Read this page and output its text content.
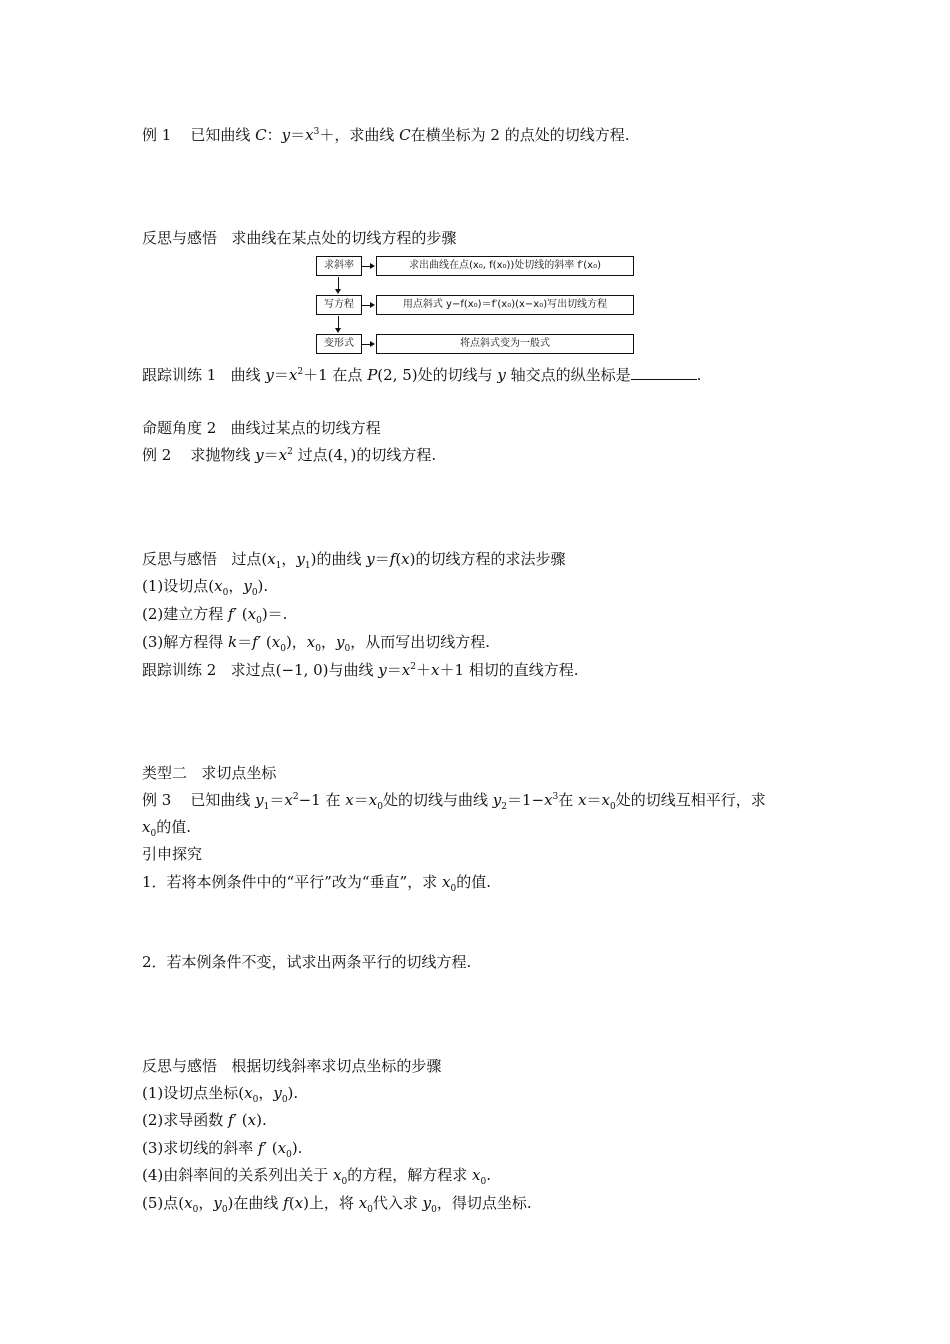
例 1 已知曲线 C：$y=x^3+$，求曲线 C在横坐标为 2 的点处的切线方程.
反思与感悟 求曲线在某点处的切线方程的步骤
求斜率	求出曲线在点(x₀, f(x₀))处切线的斜率 f′(x₀)
写方程	用点斜式 y−f(x₀)＝f′(x₀)(x−x₀)写出切线方程
变形式	将点斜式变为一般式
跟踪训练 1 曲线 $y=x^2+1$ 在点 P(2, 5)处的切线与 y 轴交点的纵坐标是	.
命题角度 2 曲线过某点的切线方程
例 2 求抛物线 $y=x^2$ 过点(4，)的切线方程.
反思与感悟 过点($x_1$，$y_1$)的曲线 y＝f(x)的切线方程的求法步骤
(1)设切点($x_0$，$y_0$).
(2)建立方程 f′ $(x_0)=$.
(3)解方程得 k＝f′ $(x_0)$，$x_0$，$y_0$，从而写出切线方程.
跟踪训练 2 求过点(−1, 0)与曲线 $y=x^2+x+1$ 相切的直线方程.
类型二 求切点坐标
例 3 已知曲线 $y_1=x^2-1$ 在 $x=x_0$处的切线与曲线 $y_2=1-x^3$在 $x=x_0$处的切线互相平行，求
$x_0$的值.
引申探究
1．若将本例条件中的“平行”改为“垂直”，求 $x_0$的值.
2．若本例条件不变，试求出两条平行的切线方程.
反思与感悟 根据切线斜率求切点坐标的步骤
(1)设切点坐标($x_0$，$y_0$).
(2)求导函数 f′ (x).
(3)求切线的斜率 f′ $(x_0)$.
(4)由斜率间的关系列出关于 $x_0$的方程，解方程求 $x_0$.
(5)点($x_0$，$y_0$)在曲线 f(x)上，将 $x_0$代入求 $y_0$，得切点坐标.
